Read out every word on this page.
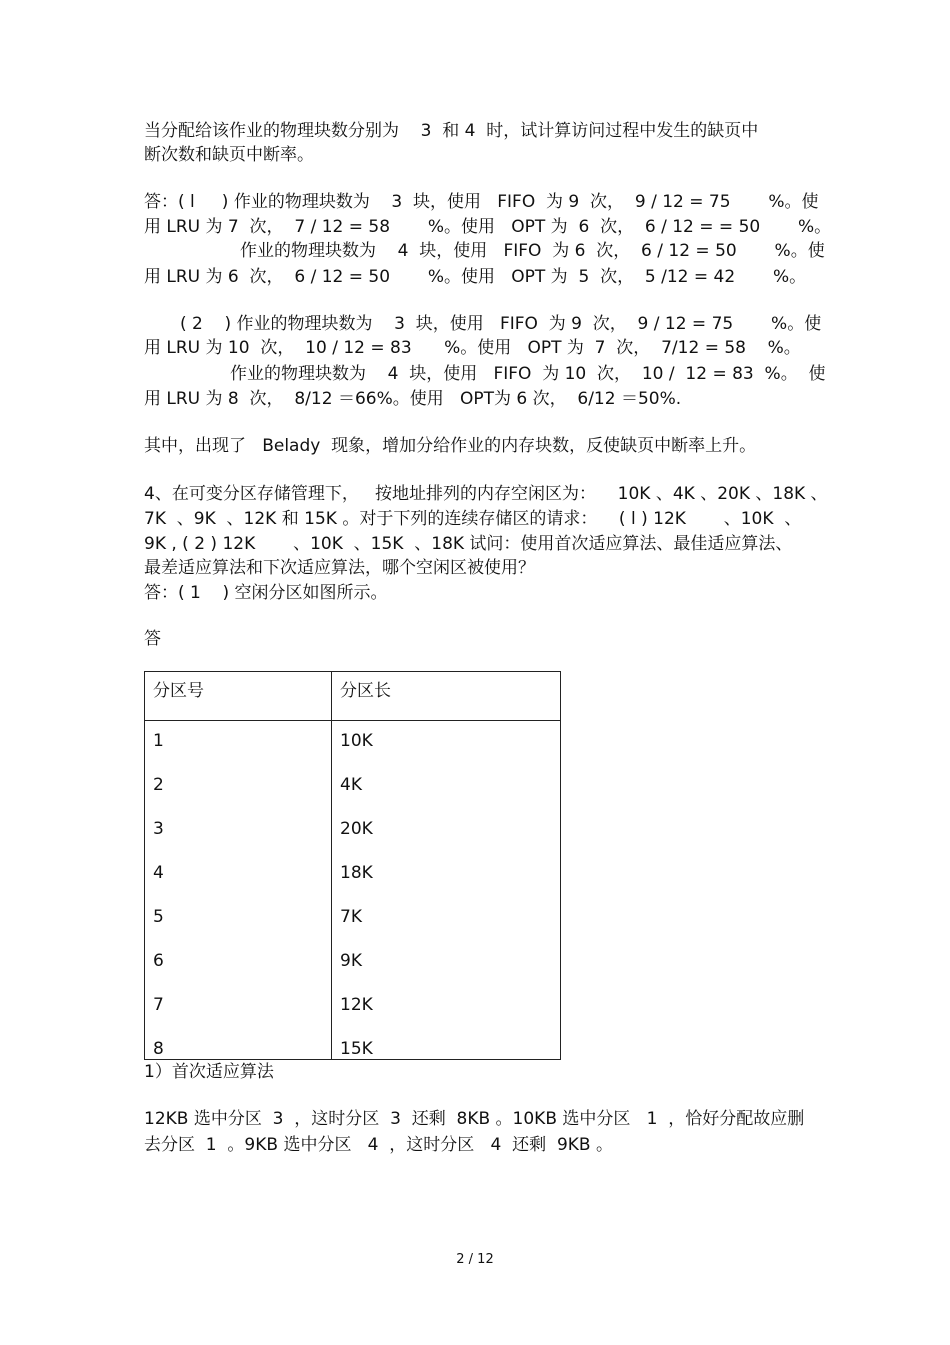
当分配给该作业的物理块数分别为    3  和 4  时，试计算访问过程中发生的缺页中

断次数和缺页中断率。

答：( l     ) 作业的物理块数为    3  块，使用   FIFO  为 9  次，  9 / 12 = 75       %。使

用 LRU 为 7  次，  7 / 12 = 58       %。使用   OPT 为  6  次，  6 / 12 = = 50       %。

作业的物理块数为    4  块，使用   FIFO  为 6  次，  6 / 12 = 50       %。使

用 LRU 为 6  次，  6 / 12 = 50       %。使用   OPT 为  5  次，  5 /12 = 42       %。

( 2    ) 作业的物理块数为    3  块，使用   FIFO  为 9  次，  9 / 12 = 75       %。使

用 LRU 为 10  次，  10 / 12 = 83      %。使用   OPT 为  7  次，  7/12 = 58    %。

作业的物理块数为    4  块，使用   FIFO  为 10  次，  10 /  12 = 83  %。  使

用 LRU 为 8  次，  8/12 ＝66%。使用   OPT为 6 次，  6/12 ＝50%.

其中，出现了   Belady  现象，增加分给作业的内存块数，反使缺页中断率上升。

4、在可变分区存储管理下，   按地址排列的内存空闲区为：    10K 、4K 、20K 、18K 、

7K  、9K  、12K 和 15K 。对于下列的连续存储区的请求：    ( l ) 12K       、10K  、

9K , ( 2 ) 12K       、10K  、15K  、18K 试问：使用首次适应算法、最佳适应算法、

最差适应算法和下次适应算法，哪个空闲区被使用？

答：( 1    ) 空闲分区如图所示。

答

分区号	分区长
1	10K
2	4K
3	20K
4	18K
5	7K
6	9K
7	12K
8	15K

1）首次适应算法

12KB 选中分区  3  ，这时分区  3  还剩  8KB 。10KB 选中分区   1  ，恰好分配故应删

去分区  1  。9KB 选中分区   4  ，这时分区   4  还剩  9KB 。

2 / 12
